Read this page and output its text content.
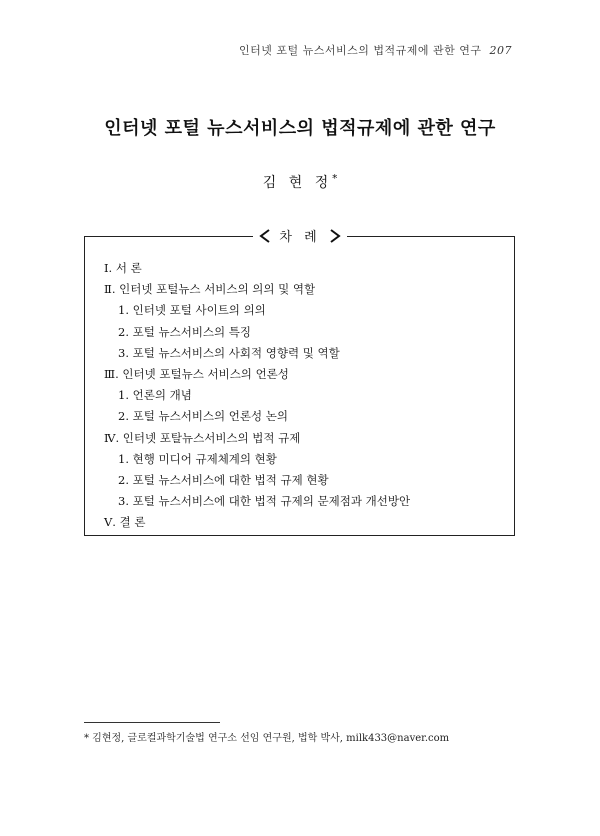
인터넷 포털 뉴스서비스의 법적규제에 관한 연구 207
인터넷 포털 뉴스서비스의 법적규제에 관한 연구
김 현 정*
차 례
Ⅰ. 서 론
Ⅱ. 인터넷 포털뉴스 서비스의 의의 및 역할
1. 인터넷 포털 사이트의 의의
2. 포털 뉴스서비스의 특징
3. 포털 뉴스서비스의 사회적 영향력 및 역할
Ⅲ. 인터넷 포털뉴스 서비스의 언론성
1. 언론의 개념
2. 포털 뉴스서비스의 언론성 논의
Ⅳ. 인터넷 포탈뉴스서비스의 법적 규제
1. 현행 미디어 규제체계의 현황
2. 포털 뉴스서비스에 대한 법적 규제 현황
3. 포털 뉴스서비스에 대한 법적 규제의 문제점과 개선방안
Ⅴ. 결 론
* 김현정, 글로컬과학기술법 연구소 선임 연구원, 법학 박사, milk433@naver.com
